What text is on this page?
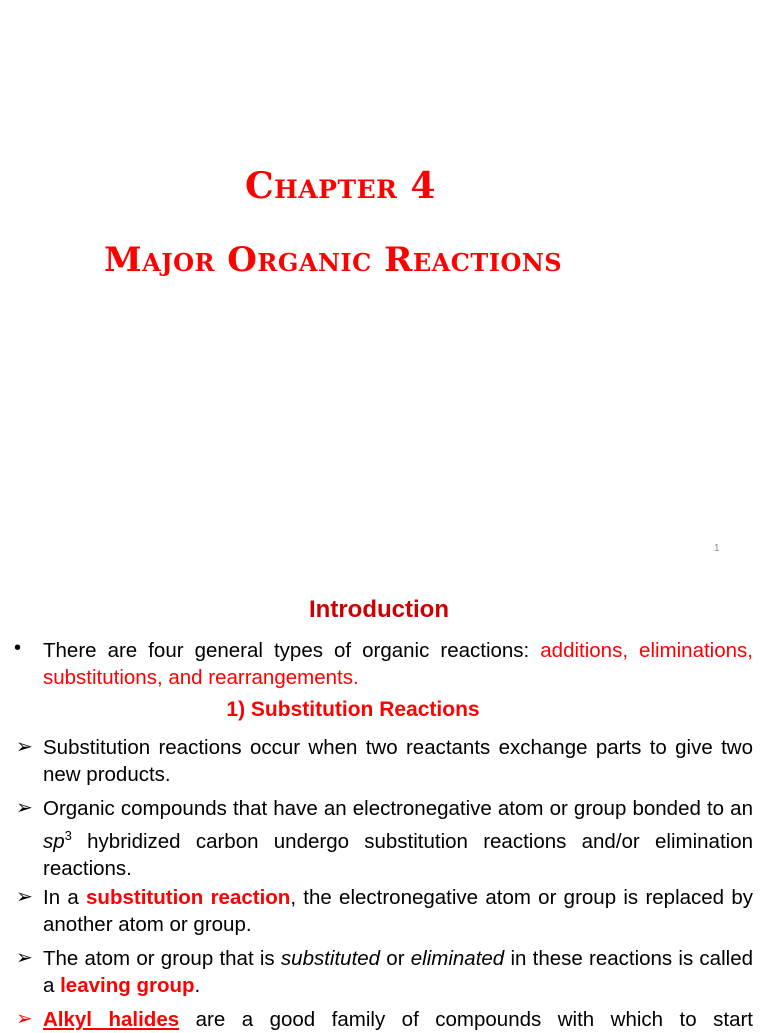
Chapter 4
Major Organic Reactions
1
Introduction
• There are four general types of organic reactions: additions, eliminations, substitutions, and rearrangements.
1) Substitution Reactions
➢ Substitution reactions occur when two reactants exchange parts to give two new products.
➢ Organic compounds that have an electronegative atom or group bonded to an $sp^3$ hybridized carbon undergo substitution reactions and/or elimination reactions.
➢ In a substitution reaction, the electronegative atom or group is replaced by another atom or group.
➢ The atom or group that is substituted or eliminated in these reactions is called a leaving group.
➢ Alkyl halides are a good family of compounds with which to start
